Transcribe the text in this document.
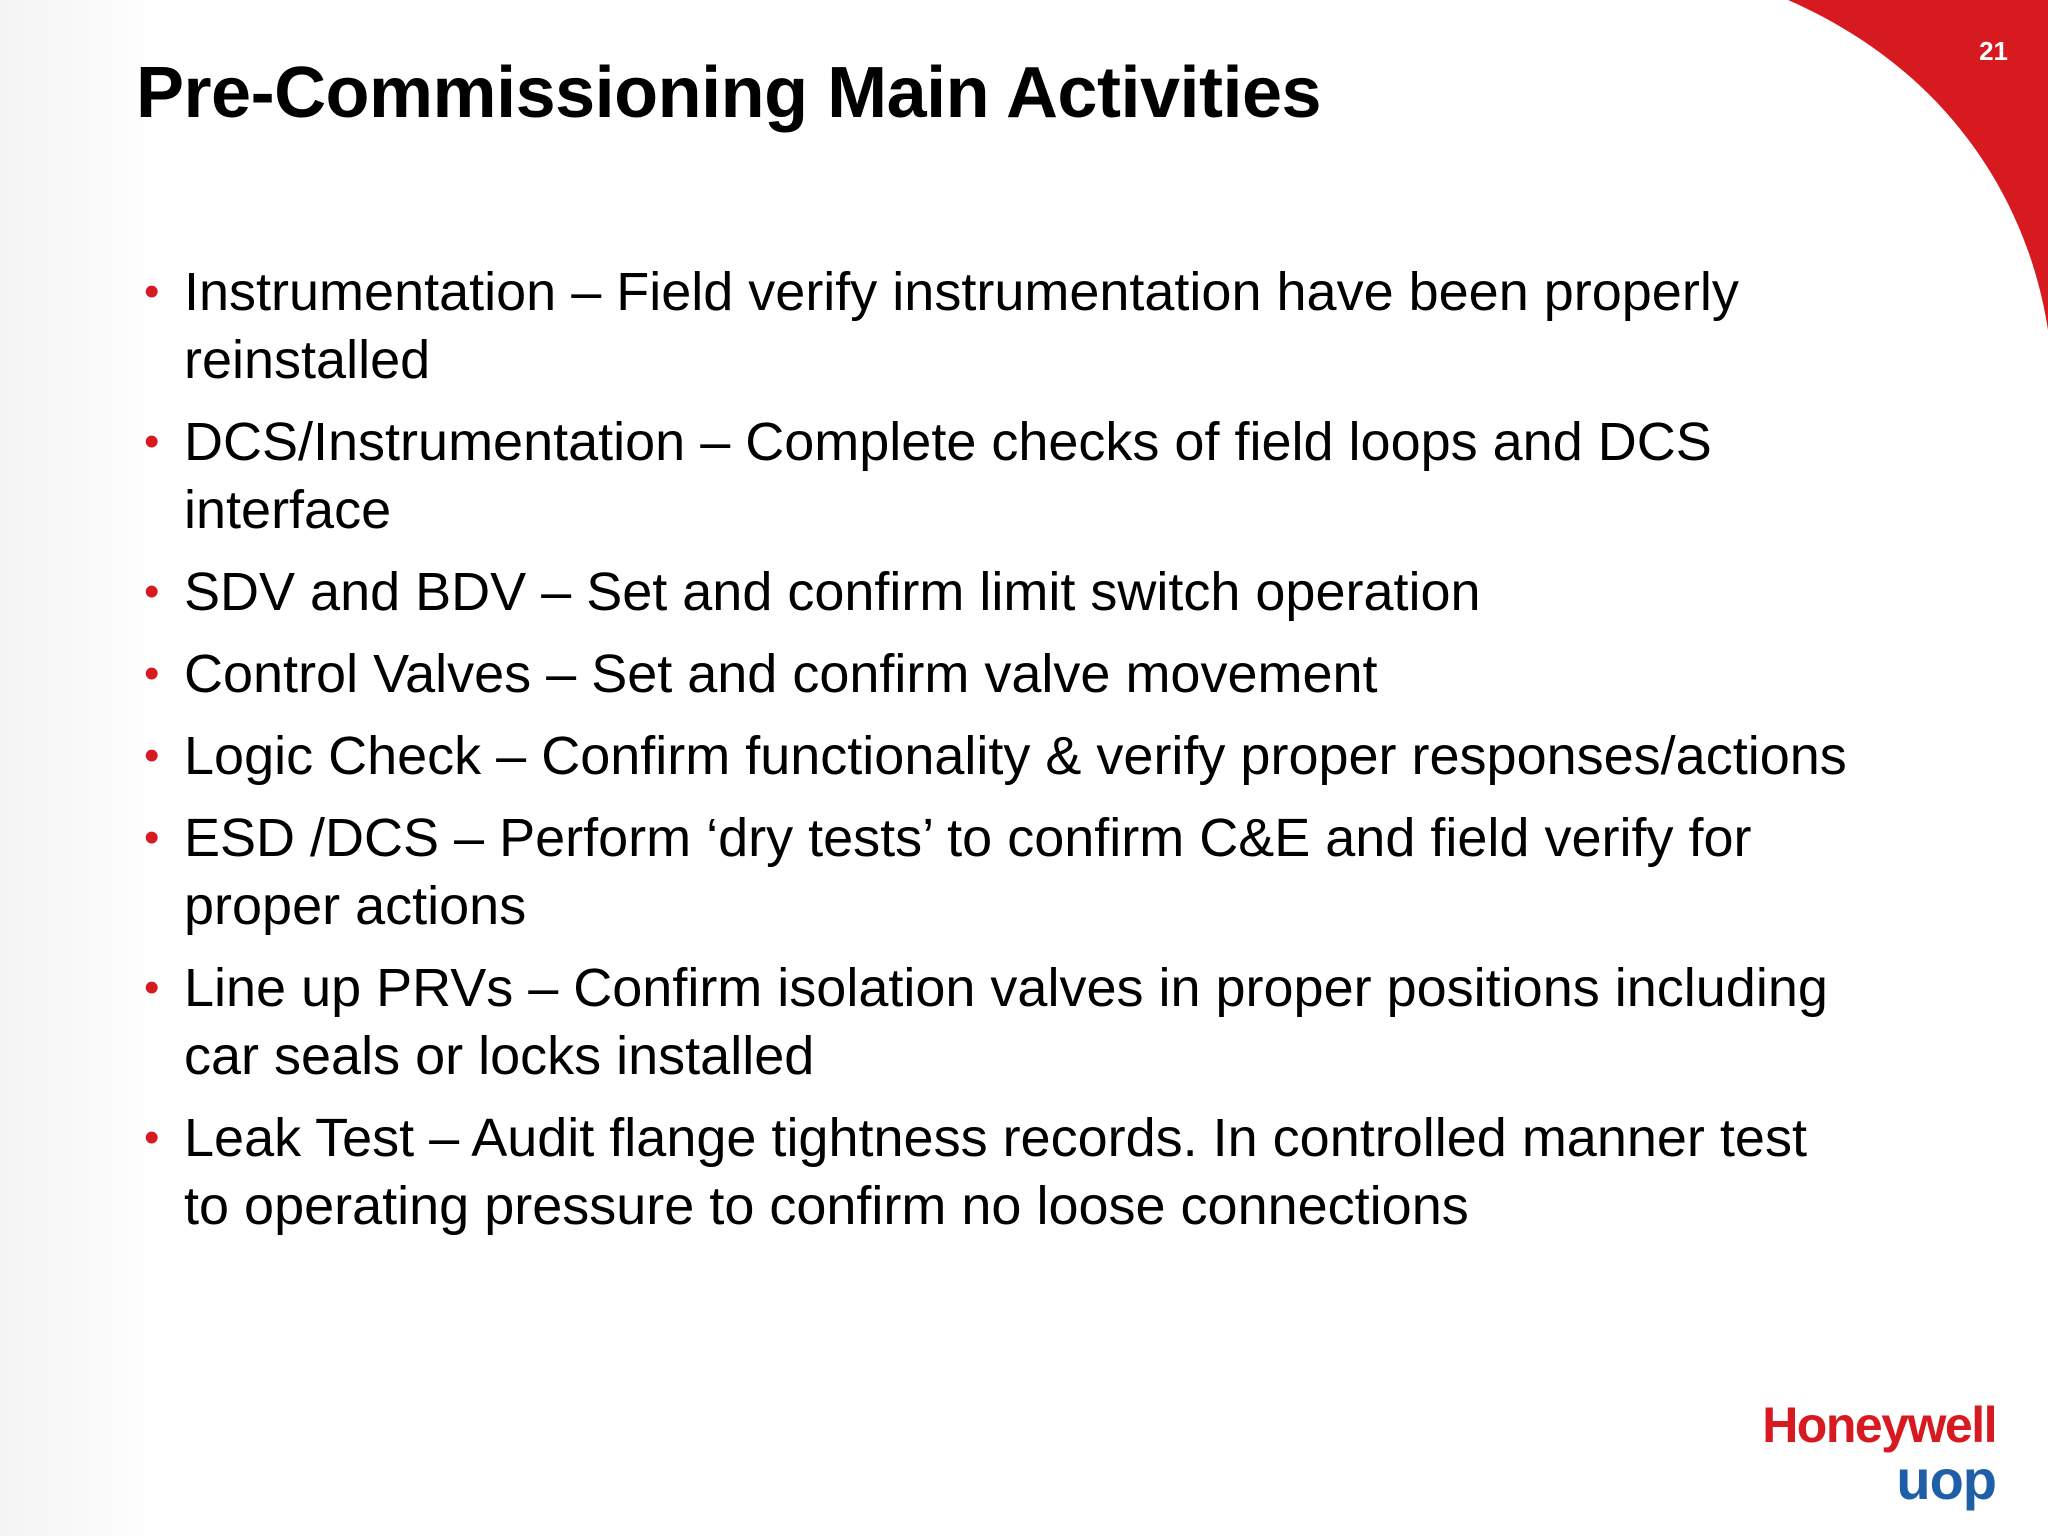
21
Pre-Commissioning Main Activities
• Instrumentation – Field verify instrumentation have been properly reinstalled
• DCS/Instrumentation – Complete checks of field loops and DCS interface
• SDV and BDV – Set and confirm limit switch operation
• Control Valves – Set and confirm valve movement
• Logic Check – Confirm functionality & verify proper responses/actions
• ESD /DCS – Perform ‘dry tests’ to confirm C&E and field verify for proper actions
• Line up PRVs – Confirm isolation valves in proper positions including car seals or locks installed
• Leak Test – Audit flange tightness records. In controlled manner test to operating pressure to confirm no loose connections
Honeywell
uop
